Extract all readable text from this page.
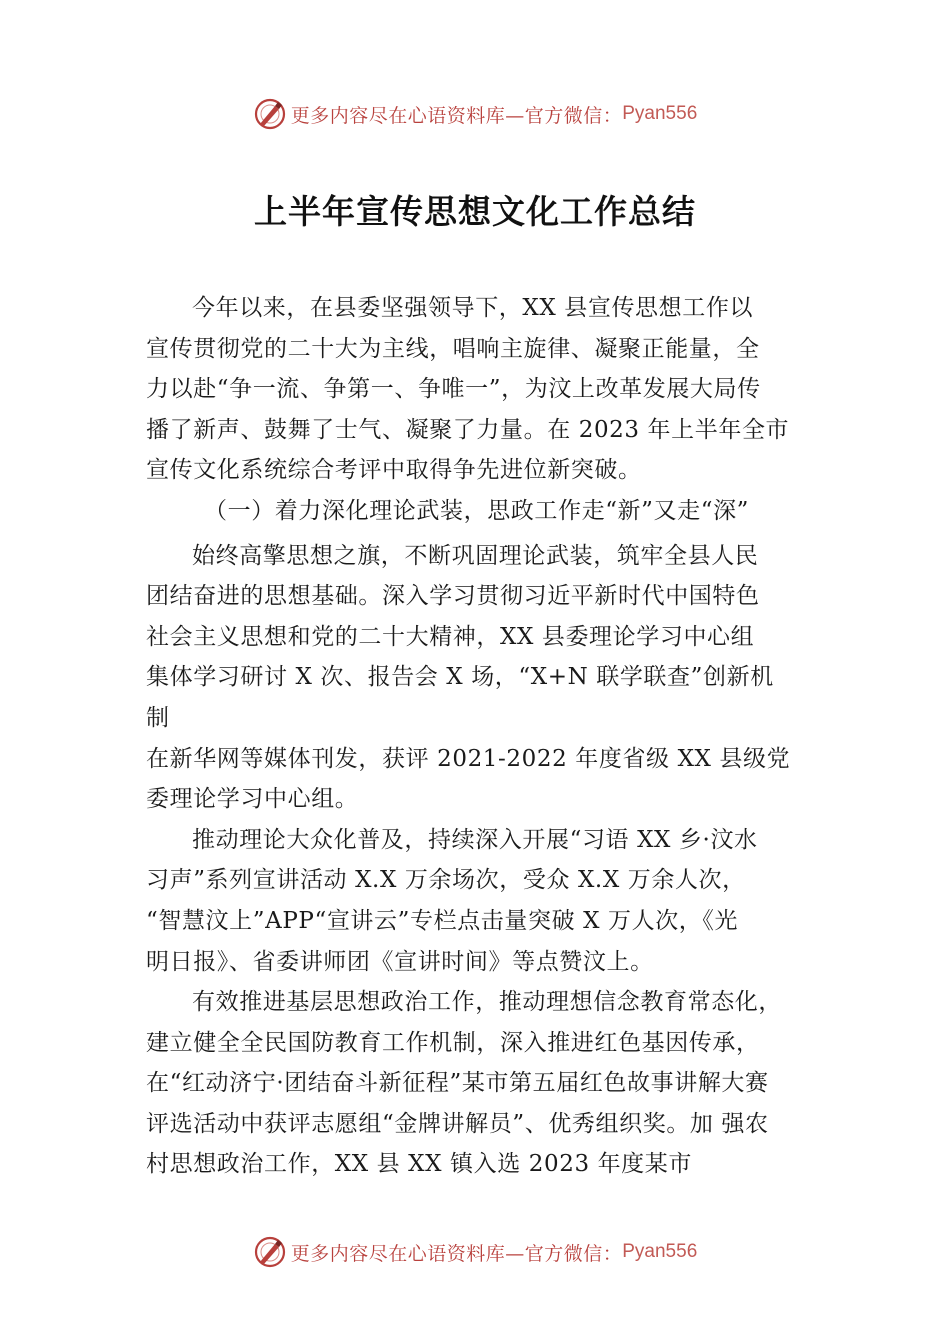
更多内容尽在心语资料库—官方微信： Pyan556
上半年宣传思想文化工作总结
今年以来，在县委坚强领导下，XX 县宣传思想工作以
宣传贯彻党的二十大为主线，唱响主旋律、凝聚正能量，全
力以赴“争一流、争第一、争唯一”，为汶上改革发展大局传
播了新声、鼓舞了士气、凝聚了力量。在 2023 年上半年全市
宣传文化系统综合考评中取得争先进位新突破。
（一）着力深化理论武装，思政工作走“新”又走“深”
始终高擎思想之旗，不断巩固理论武装，筑牢全县人民
团结奋进的思想基础。深入学习贯彻习近平新时代中国特色
社会主义思想和党的二十大精神，XX 县委理论学习中心组
集体学习研讨 X 次、报告会 X 场，“X+N 联学联查”创新机
制
在新华网等媒体刊发，获评 2021-2022 年度省级 XX 县级党
委理论学习中心组。
推动理论大众化普及，持续深入开展“习语 XX 乡·汶水
习声”系列宣讲活动 X.X 万余场次，受众 X.X 万余人次，
“智慧汶上”APP“宣讲云”专栏点击量突破 X 万人次，《光
明日报》、省委讲师团《宣讲时间》等点赞汶上。
有效推进基层思想政治工作，推动理想信念教育常态化，
建立健全全民国防教育工作机制，深入推进红色基因传承，
在“红动济宁·团结奋斗新征程”某市第五届红色故事讲解大赛
评选活动中获评志愿组“金牌讲解员”、优秀组织奖。加 强农
村思想政治工作，XX 县 XX 镇入选 2023 年度某市
更多内容尽在心语资料库—官方微信： Pyan556
